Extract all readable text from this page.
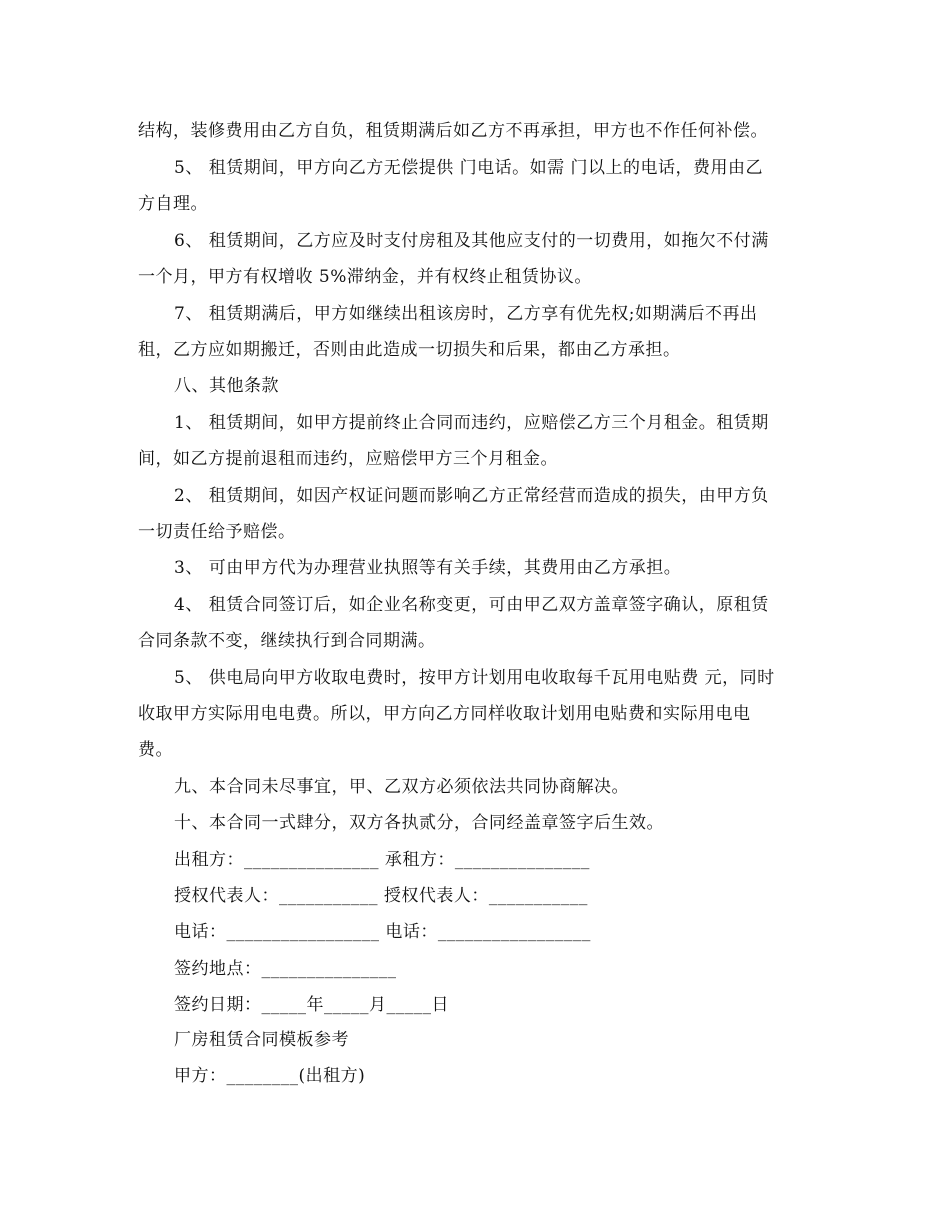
结构，装修费用由乙方自负，租赁期满后如乙方不再承担，甲方也不作任何补偿。
5、 租赁期间，甲方向乙方无偿提供 门电话。如需 门以上的电话，费用由乙
方自理。
6、 租赁期间，乙方应及时支付房租及其他应支付的一切费用，如拖欠不付满
一个月，甲方有权增收 5%滞纳金，并有权终止租赁协议。
7、 租赁期满后，甲方如继续出租该房时，乙方享有优先权;如期满后不再出
租，乙方应如期搬迁，否则由此造成一切损失和后果，都由乙方承担。
八、其他条款
1、 租赁期间，如甲方提前终止合同而违约，应赔偿乙方三个月租金。租赁期
间，如乙方提前退租而违约，应赔偿甲方三个月租金。
2、 租赁期间，如因产权证问题而影响乙方正常经营而造成的损失，由甲方负
一切责任给予赔偿。
3、 可由甲方代为办理营业执照等有关手续，其费用由乙方承担。
4、 租赁合同签订后，如企业名称变更，可由甲乙双方盖章签字确认，原租赁
合同条款不变，继续执行到合同期满。
5、 供电局向甲方收取电费时，按甲方计划用电收取每千瓦用电贴费 元，同时
收取甲方实际用电电费。所以，甲方向乙方同样收取计划用电贴费和实际用电电
费。
九、本合同未尽事宜，甲、乙双方必须依法共同协商解决。
十、本合同一式肆分，双方各执贰分，合同经盖章签字后生效。
出租方：_______________ 承租方：_______________
授权代表人：___________ 授权代表人：___________
电话：_________________ 电话：_________________
签约地点：_______________
签约日期：_____年_____月_____日
厂房租赁合同模板参考
甲方：________(出租方)
